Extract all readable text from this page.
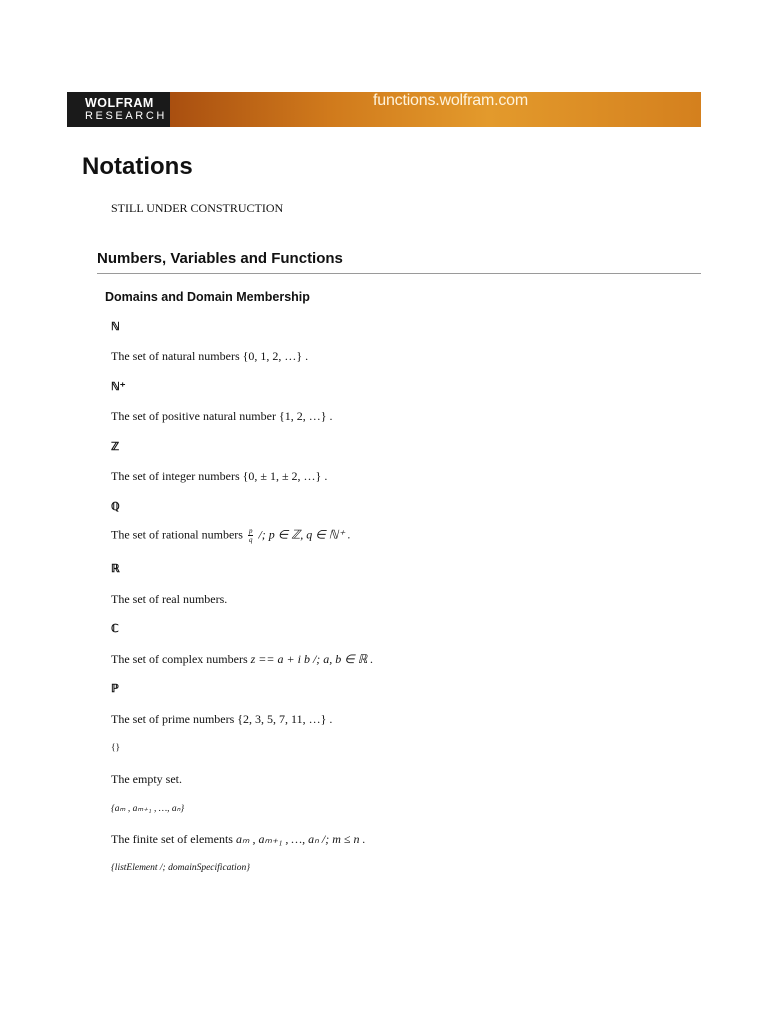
WOLFRAM
RESEARCH
functions.wolfram.com
Notations
STILL UNDER CONSTRUCTION
Numbers, Variables and Functions
Domains and Domain Membership
ℕ
The set of natural numbers {0, 1, 2, …} .
ℕ⁺
The set of positive natural number {1, 2, …} .
ℤ
The set of integer numbers {0, ± 1, ± 2, …} .
ℚ
The set of rational numbers $\frac{p}{q}$ /; p ∈ ℤ, q ∈ ℕ⁺ .
ℝ
The set of real numbers.
ℂ
The set of complex numbers z == a + i b /; a, b ∈ ℝ .
ℙ
The set of prime numbers {2, 3, 5, 7, 11, …} .
{}
The empty set.
{aₘ , aₘ₊₁ , …, aₙ}
The finite set of elements aₘ , aₘ₊₁ , …, aₙ /; m ≤ n .
{listElement /; domainSpecification}
